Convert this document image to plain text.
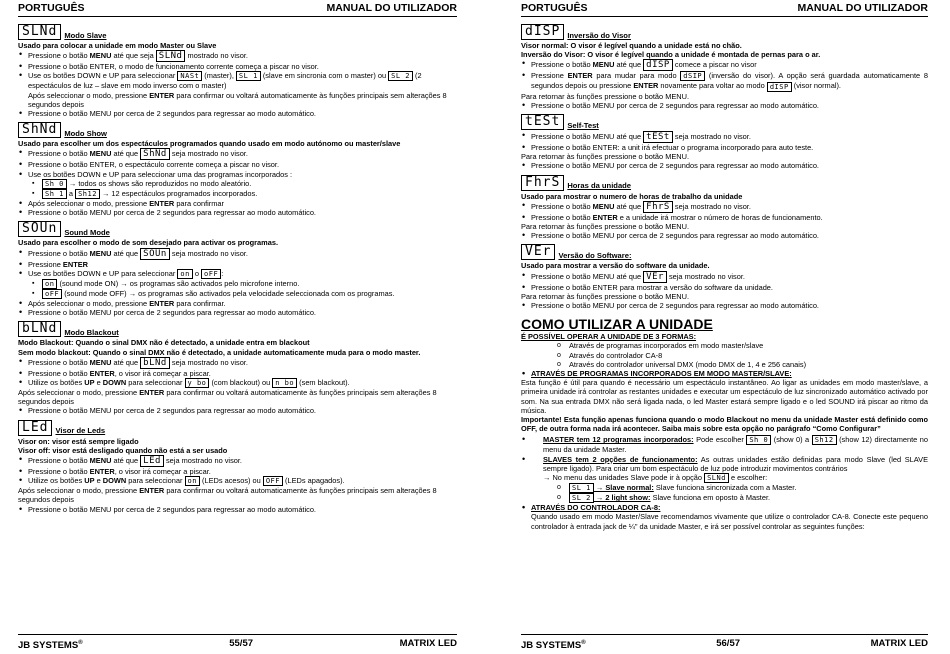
PORTUGUÊS	MANUAL DO UTILIZADOR
SLNd Modo Slave
Usado para colocar a unidade em modo Master ou Slave
• Pressione o botão MENU até que seja SLNd mostrado no visor.
• Pressione o botão ENTER, o modo de funcionamento corrente começa a piscar no visor.
• Use os botões DOWN e UP para seleccionar NASt (master), SL 1 (slave em sincronia com o master) ou SL 2 (2 espectáculos de luz – slave em modo inverso com o master)
Após seleccionar o modo, pressione ENTER para confirmar ou voltará automaticamente às funções principais sem alterações 8 segundos depois
• Pressione o botão MENU por cerca de 2 segundos para regressar ao modo automático.
ShNd Modo Show
Usado para escolher um dos espectáculos programados quando usado em modo autónomo ou master/slave
• Pressione o botão MENU até que ShNd seja mostrado no visor.
• Pressione o botão ENTER, o espectáculo corrente começa a piscar no visor.
• Use os botões DOWN e UP para seleccionar uma das programas incorporados :
▪ Sh 0 → todos os shows são reproduzidos no modo aleatório.
▪ Sh 1 a Sh12 → 12 espectáculos programados incorporados.
• Após seleccionar o modo, pressione ENTER para confirmar
• Pressione o botão MENU por cerca de 2 segundos para regressar ao modo automático.
SOUn Sound Mode
Usado para escolher o modo de som desejado para activar os programas.
• Pressione o botão MENU até que SOUn seja mostrado no visor.
• Pressione ENTER
• Use os botões DOWN e UP para seleccionar on o oFF :
▪ on (sound mode ON) → os programas são activados pelo microfone interno.
▪ oFF (sound mode OFF) → os programas são activados pela velocidade seleccionada com os programas.
• Após seleccionar o modo, pressione ENTER para confirmar.
• Pressione o botão MENU por cerca de 2 segundos para regressar ao modo automático.
bLNd Modo Blackout
Modo Blackout: Quando o sinal DMX não é detectado, a unidade entra em blackout
Sem modo blackout: Quando o sinal DMX não é detectado, a unidade automaticamente muda para o modo master.
• Pressione o botão MENU até que bLNd seja mostrado no visor.
• Pressione o botão ENTER, o visor irá começar a piscar.
• Utilize os botões UP e DOWN para seleccionar y bo (com blackout) ou n bo (sem blackout).
Após seleccionar o modo, pressione ENTER para confirmar ou voltará automaticamente às funções principais sem alterações 8 segundos depois
• Pressione o botão MENU por cerca de 2 segundos para regressar ao modo automático.
LEd Visor de Leds
Visor on: visor está sempre ligado
Visor off: visor está desligado quando não está a ser usado
• Pressione o botão MENU até que LEd seja mostrado no visor.
• Pressione o botão ENTER, o visor irá começar a piscar.
• Utilize os botões UP e DOWN para seleccionar on (LEDs acesos) ou OFF (LEDs apagados).
Após seleccionar o modo, pressione ENTER para confirmar ou voltará automaticamente às funções principais sem alterações 8 segundos depois
• Pressione o botão MENU por cerca de 2 segundos para regressar ao modo automático.
JB SYSTEMS®	55/57	MATRIX LED
PORTUGUÊS	MANUAL DO UTILIZADOR
dISP Inversão do Visor
Visor normal: O visor é legível quando a unidade está no chão.
Inversão do Visor: O visor é legível quando a unidade é montada de pernas para o ar.
• Pressione o botão MENU até que dISP comece a piscar no visor
• Pressione ENTER para mudar para modo dSIP (inversão do visor). A opção será guardada automaticamente 8 segundos depois ou pressione ENTER novamente para voltar ao modo dISP (visor normal).
Para retornar às funções pressione o botão MENU.
• Pressione o botão MENU por cerca de 2 segundos para regressar ao modo automático.
tESt Self-Test
• Pressione o botão MENU até que tESt seja mostrado no visor.
• Pressione o botão ENTER: a unit irá efectuar o programa incorporado para auto teste.
Para retornar às funções pressione o botão MENU.
• Pressione o botão MENU por cerca de 2 segundos para regressar ao modo automático.
FhrS Horas da unidade
Usado para mostrar o numero de horas de trabalho da unidade
• Pressione o botão MENU até que FhrS seja mostrado no visor.
• Pressione o botão ENTER e a unidade irá mostrar o número de horas de funcionamento.
Para retornar às funções pressione o botão MENU.
• Pressione o botão MENU por cerca de 2 segundos para regressar ao modo automático.
VEr Versão do Software:
Usado para mostrar a versão do software da unidade.
• Pressione o botão MENU até que VEr seja mostrado no visor.
• Pressione o botão ENTER para mostrar a versão do software da unidade.
Para retornar às funções pressione o botão MENU.
• Pressione o botão MENU por cerca de 2 segundos para regressar ao modo automático.
COMO UTILIZAR A UNIDADE
É POSSÍVEL OPERAR A UNIDADE DE 3 FORMAS:
o Através de programas incorporados em modo master/slave
o Através do controlador CA-8
o Através do controlador universal DMX (modo DMX de 1, 4 e 256 canais)
• ATRAVÉS DE PROGRAMAS INCORPORADOS EM MODO MASTER/SLAVE:
Esta função é útil para quando é necessário um espectáculo instantâneo. Ao ligar as unidades em modo master/slave, a primeira unidade irá controlar as restantes unidades e executar um espectáculo de luz sincronizado automático activado por som. Na sua entrada DMX não será ligada nada, o led Master estará sempre ligado e o led SOUND irá piscar ao ritmo da música.
Importante! Esta função apenas funciona quando o modo Blackout no menu da unidade Master está definido como OFF, de outra forma nada irá acontecer. Saiba mais sobre esta opção no parágrafo “Como Configurar”
• MASTER tem 12 programas incorporados: Pode escolher Sh 0 (show 0) a Sh12 (show 12) directamente no menu da unidade Master.
• SLAVES tem 2 opções de funcionamento: As outras unidades estão definidas para modo Slave (led SLAVE sempre ligado). Para criar um bom espectáculo de luz pode introduzir movimentos contrários
→ No menu das unidades Slave pode ir à opção SLNd e escolher:
o SL 1 → Slave normal: Slave funciona sincronizada com a Master.
o SL 2 → 2 light show: Slave funciona em oposto à Master.
• ATRAVÉS DO CONTROLADOR CA-8:
Quando usado em modo Master/Slave recomendamos vivamente que utilize o controlador CA-8. Conecte este pequeno controlador à entrada jack de ¼” da unidade Master, e irá ser possível controlar as seguintes funções:
JB SYSTEMS®	56/57	MATRIX LED
